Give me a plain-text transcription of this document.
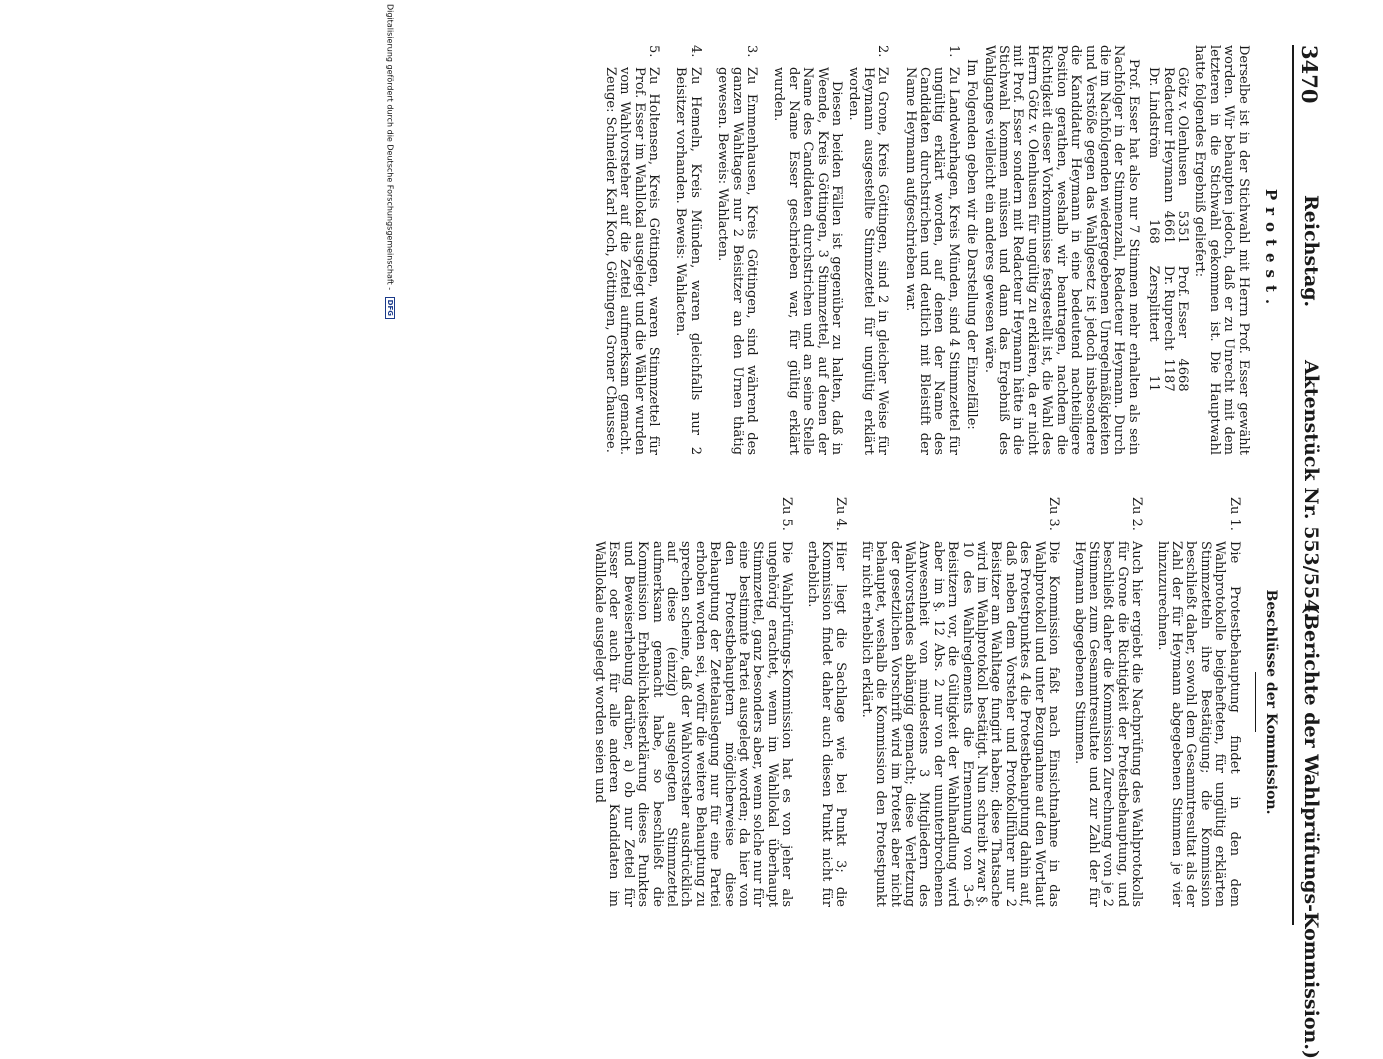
3470
Reichstag.
Aktenstück Nr. 553/554.
(Berichte der Wahlprüfungs-Kommission.)
Protest.

Derselbe ist in der Stichwahl mit Herrn Prof. Esser gewählt worden. Wir behaupten jedoch, daß er zu Unrecht mit dem letzteren in die Stichwahl gekommen ist. Die Hauptwahl hatte folgendes Ergebniß geliefert:

Götz v. Olenhusen	5351	Prof. Esser	4668
Redacteur Heymann	4661	Dr. Ruprecht	1187
Dr. Lindström	168	Zersplittert	11

Prof. Esser hat also nur 7 Stimmen mehr erhalten als sein Nachfolger in der Stimmenzahl, Redacteur Heymann. Durch die im Nachfolgenden wiedergegebenen Unregelmäßigkeiten und Verstöße gegen das Wahlgesetz ist jedoch insbesondere die Kandidatur Heymann in eine bedeutend nachteiligere Position gerathen, weshalb wir beantragen, nachdem die Richtigkeit dieser Vorkommnisse festgestellt ist, die Wahl des Herrn Götz v. Olenhusen für ungültig zu erklären, da er nicht mit Prof. Esser sondern mit Redacteur Heymann hätte in die Stichwahl kommen müssen und dann das Ergebniß des Wahlganges vielleicht ein anderes gewesen wäre.

Im Folgenden geben wir die Darstellung der Einzelfälle:

1.

Zu Landwehrhagen, Kreis Münden, sind 4 Stimmzettel für ungültig erklärt worden, auf denen der Name des Candidaten durchstrichen und deutlich mit Bleistift der Name Heymann aufgeschrieben war.

2.

Zu Grone, Kreis Göttingen, sind 2 in gleicher Weise für Heymann ausgestellte Stimmzettel für ungültig erklärt worden.

Diesen beiden Fällen ist gegenüber zu halten, daß in Weende, Kreis Göttingen, 3 Stimmzettel, auf denen der Name des Candidaten durchstrichen und an seine Stelle der Name Esser geschrieben war, für gültig erklärt wurden.

3.

Zu Emmenhausen, Kreis Göttingen, sind während des ganzen Wahltages nur 2 Beisitzer an den Urnen thätig gewesen. Beweis: Wahlacten.

4.

Zu Hemeln, Kreis Münden, waren gleichfalls nur 2 Beisitzer vorhanden. Beweis: Wahlacten.

5.

Zu Holtensen, Kreis Göttingen, waren Stimmzettel für Prof. Esser im Wahllokal ausgelegt und die Wähler wurden vom Wahlvorsteher auf die Zettel aufmerksam gemacht. Zeuge: Schneider Karl Koch, Göttingen, Groner Chaussee.

Beschlüsse der Kommission.
Zu 1.

Die Protestbehauptung findet in den dem Wahlprotokolle beigehefteten, für ungültig erklärten Stimmzetteln ihre Bestätigung; die Kommission beschließt daher, sowohl dem Gesammtresultat als der Zahl der für Heymann abgegebenen Stimmen je vier hinzuzurechnen.

Zu 2.

Auch hier ergiebt die Nachprüfung des Wahlprotokolls für Grone die Richtigkeit der Protestbehauptung, und beschließt daher die Kommission Zurechnung von je 2 Stimmen zum Gesammtresultate und zur Zahl der für Heymann abgegebenen Stimmen.

Zu 3.

Die Kommission faßt nach Einsichtnahme in das Wahlprotokoll und unter Bezugnahme auf den Wortlaut des Protestpunktes 4 die Protestbehauptung dahin auf, daß neben dem Vorsteher und Protokollführer nur 2 Beisitzer am Wahltage fungirt haben; diese Thatsache wird im Wahlprotokoll bestätigt. Nun schreibt zwar §. 10 des Wahlreglements die Ernennung von 3–6 Beisitzern vor, die Gültigkeit der Wahlhandlung wird aber im §. 12 Abs. 2 nur von der ununterbrochenen Anwesenheit von mindestens 3 Mitgliedern des Wahlvorstandes abhängig gemacht; diese Verletzung der gesetzlichen Vorschrift wird im Protest aber nicht behauptet, weshalb die Kommission den Protestpunkt für nicht erheblich erklärt.

Zu 4.

Hier liegt die Sachlage wie bei Punkt 3; die Kommission findet daher auch diesen Punkt nicht für erheblich.

Zu 5.

Die Wahlprüfungs-Kommission hat es von jeher als ungehörig erachtet, wenn im Wahllokal überhaupt Stimmzettel, ganz besonders aber, wenn solche nur für eine bestimmte Partei ausgelegt worden; da hier von den Protestbehauptern möglicherweise diese Behauptung der Zettelauslegung nur für eine Partei erhoben worden sei, wofür die weitere Behauptung zu sprechen scheine, daß der Wahlvorsteher ausdrücklich auf diese (einzig) ausgelegten Stimmzettel aufmerksam gemacht habe, so beschließt die Kommission Erheblichkeitserklärung dieses Punktes und Beweiserhebung darüber, a) ob nur Zettel für Esser oder auch für alle anderen Kandidaten im Wahllokale ausgelegt worden seien und

Digitalisierung gefördert durch die Deutsche Forschungsgemeinschaft - DFG
